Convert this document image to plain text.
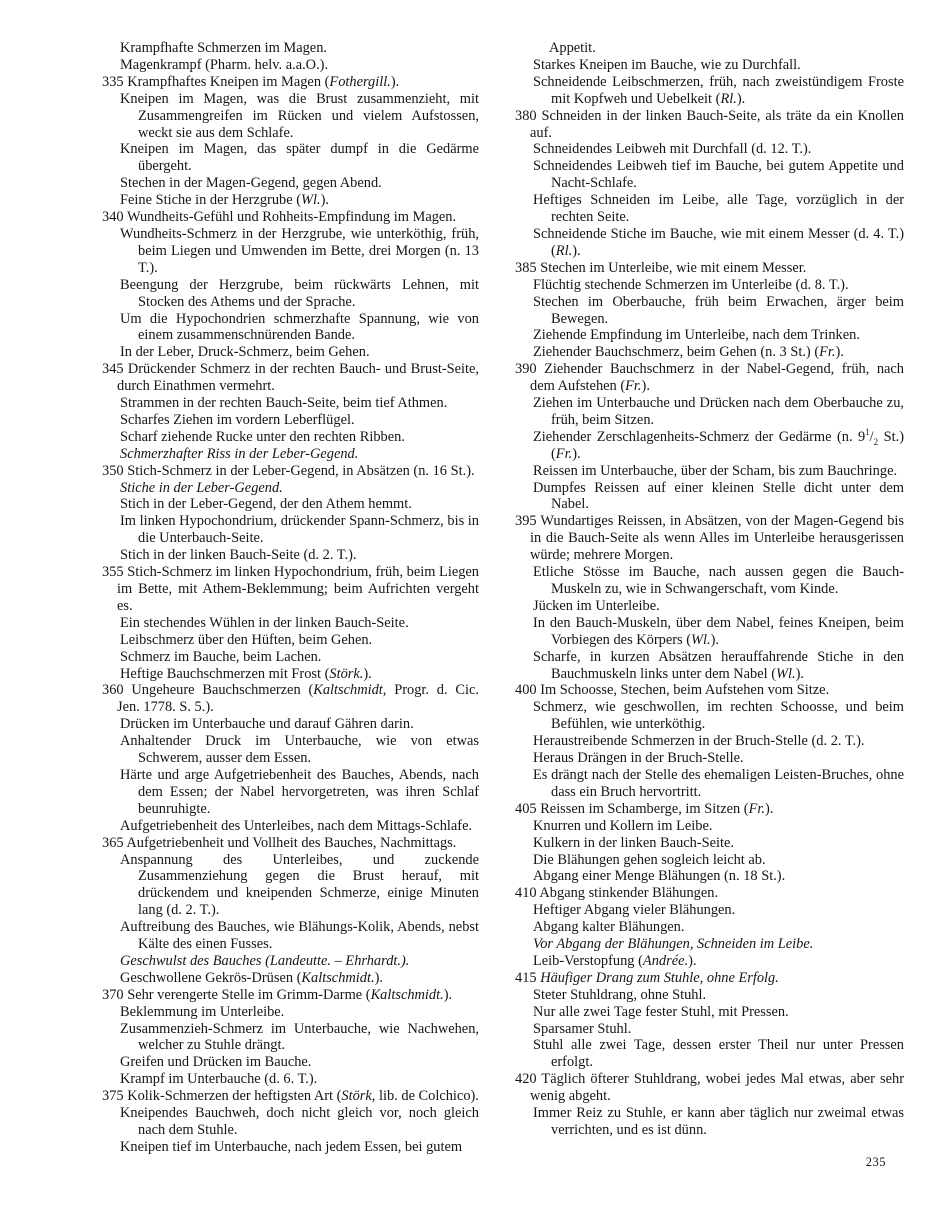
Krampfhafte Schmerzen im Magen.

Magenkrampf (Pharm. helv. a.a.O.).

335 Krampfhaftes Kneipen im Magen (Fothergill.).

Kneipen im Magen, was die Brust zusammenzieht, mit Zusammengreifen im Rücken und vielem Aufstossen, weckt sie aus dem Schlafe.

Kneipen im Magen, das später dumpf in die Gedärme übergeht.

Stechen in der Magen-Gegend, gegen Abend.

Feine Stiche in der Herzgrube (Wl.).

340 Wundheits-Gefühl und Rohheits-Empfindung im Magen.

Wundheits-Schmerz in der Herzgrube, wie unterköthig, früh, beim Liegen und Umwenden im Bette, drei Morgen (n. 13 T.).

Beengung der Herzgrube, beim rückwärts Lehnen, mit Stocken des Athems und der Sprache.

Um die Hypochondrien schmerzhafte Spannung, wie von einem zusammenschnürenden Bande.

In der Leber, Druck-Schmerz, beim Gehen.

345 Drückender Schmerz in der rechten Bauch- und Brust-Seite, durch Einathmen vermehrt.

Strammen in der rechten Bauch-Seite, beim tief Athmen.

Scharfes Ziehen im vordern Leberflügel.

Scharf ziehende Rucke unter den rechten Ribben.

Schmerzhafter Riss in der Leber-Gegend.

350 Stich-Schmerz in der Leber-Gegend, in Absätzen (n. 16 St.).

Stiche in der Leber-Gegend.

Stich in der Leber-Gegend, der den Athem hemmt.

Im linken Hypochondrium, drückender Spann-Schmerz, bis in die Unterbauch-Seite.

Stich in der linken Bauch-Seite (d. 2. T.).

355 Stich-Schmerz im linken Hypochondrium, früh, beim Liegen im Bette, mit Athem-Beklemmung; beim Aufrichten vergeht es.

Ein stechendes Wühlen in der linken Bauch-Seite.

Leibschmerz über den Hüften, beim Gehen.

Schmerz im Bauche, beim Lachen.

Heftige Bauchschmerzen mit Frost (Störk.).

360 Ungeheure Bauchschmerzen (Kaltschmidt, Progr. d. Cic. Jen. 1778. S. 5.).

Drücken im Unterbauche und darauf Gähren darin.

Anhaltender Druck im Unterbauche, wie von etwas Schwerem, ausser dem Essen.

Härte und arge Aufgetriebenheit des Bauches, Abends, nach dem Essen; der Nabel hervorgetreten, was ihren Schlaf beunruhigte.

Aufgetriebenheit des Unterleibes, nach dem Mittags-Schlafe.

365 Aufgetriebenheit und Vollheit des Bauches, Nachmittags.

Anspannung des Unterleibes, und zuckende Zusammenziehung gegen die Brust herauf, mit drückendem und kneipenden Schmerze, einige Minuten lang (d. 2. T.).

Auftreibung des Bauches, wie Blähungs-Kolik, Abends, nebst Kälte des einen Fusses.

Geschwulst des Bauches (Landeutte. – Ehrhardt.).

Geschwollene Gekrös-Drüsen (Kaltschmidt.).

370 Sehr verengerte Stelle im Grimm-Darme (Kaltschmidt.).

Beklemmung im Unterleibe.

Zusammenzieh-Schmerz im Unterbauche, wie Nachwehen, welcher zu Stuhle drängt.

Greifen und Drücken im Bauche.

Krampf im Unterbauche (d. 6. T.).

375 Kolik-Schmerzen der heftigsten Art (Störk, lib. de Colchico).

Kneipendes Bauchweh, doch nicht gleich vor, noch gleich nach dem Stuhle.

Kneipen tief im Unterbauche, nach jedem Essen, bei gutem

Appetit.

Starkes Kneipen im Bauche, wie zu Durchfall.

Schneidende Leibschmerzen, früh, nach zweistündigem Froste mit Kopfweh und Uebelkeit (Rl.).

380 Schneiden in der linken Bauch-Seite, als träte da ein Knollen auf.

Schneidendes Leibweh mit Durchfall (d. 12. T.).

Schneidendes Leibweh tief im Bauche, bei gutem Appetite und Nacht-Schlafe.

Heftiges Schneiden im Leibe, alle Tage, vorzüglich in der rechten Seite.

Schneidende Stiche im Bauche, wie mit einem Messer (d. 4. T.) (Rl.).

385 Stechen im Unterleibe, wie mit einem Messer.

Flüchtig stechende Schmerzen im Unterleibe (d. 8. T.).

Stechen im Oberbauche, früh beim Erwachen, ärger beim Bewegen.

Ziehende Empfindung im Unterleibe, nach dem Trinken.

Ziehender Bauchschmerz, beim Gehen (n. 3 St.) (Fr.).

390 Ziehender Bauchschmerz in der Nabel-Gegend, früh, nach dem Aufstehen (Fr.).

Ziehen im Unterbauche und Drücken nach dem Oberbauche zu, früh, beim Sitzen.

Ziehender Zerschlagenheits-Schmerz der Gedärme (n. $9^1/_2$ St.) (Fr.).

Reissen im Unterbauche, über der Scham, bis zum Bauchringe.

Dumpfes Reissen auf einer kleinen Stelle dicht unter dem Nabel.

395 Wundartiges Reissen, in Absätzen, von der Magen-Gegend bis in die Bauch-Seite als wenn Alles im Unterleibe herausgerissen würde; mehrere Morgen.

Etliche Stösse im Bauche, nach aussen gegen die Bauch-Muskeln zu, wie in Schwangerschaft, vom Kinde.

Jücken im Unterleibe.

In den Bauch-Muskeln, über dem Nabel, feines Kneipen, beim Vorbiegen des Körpers (Wl.).

Scharfe, in kurzen Absätzen herauffahrende Stiche in den Bauchmuskeln links unter dem Nabel (Wl.).

400 Im Schoosse, Stechen, beim Aufstehen vom Sitze.

Schmerz, wie geschwollen, im rechten Schoosse, und beim Befühlen, wie unterköthig.

Heraustreibende Schmerzen in der Bruch-Stelle (d. 2. T.).

Heraus Drängen in der Bruch-Stelle.

Es drängt nach der Stelle des ehemaligen Leisten-Bruches, ohne dass ein Bruch hervortritt.

405 Reissen im Schamberge, im Sitzen (Fr.).

Knurren und Kollern im Leibe.

Kulkern in der linken Bauch-Seite.

Die Blähungen gehen sogleich leicht ab.

Abgang einer Menge Blähungen (n. 18 St.).

410 Abgang stinkender Blähungen.

Heftiger Abgang vieler Blähungen.

Abgang kalter Blähungen.

Vor Abgang der Blähungen, Schneiden im Leibe.

Leib-Verstopfung (Andrée.).

415 Häufiger Drang zum Stuhle, ohne Erfolg.

Steter Stuhldrang, ohne Stuhl.

Nur alle zwei Tage fester Stuhl, mit Pressen.

Sparsamer Stuhl.

Stuhl alle zwei Tage, dessen erster Theil nur unter Pressen erfolgt.

420 Täglich öfterer Stuhldrang, wobei jedes Mal etwas, aber sehr wenig abgeht.

Immer Reiz zu Stuhle, er kann aber täglich nur zweimal etwas verrichten, und es ist dünn.

235
